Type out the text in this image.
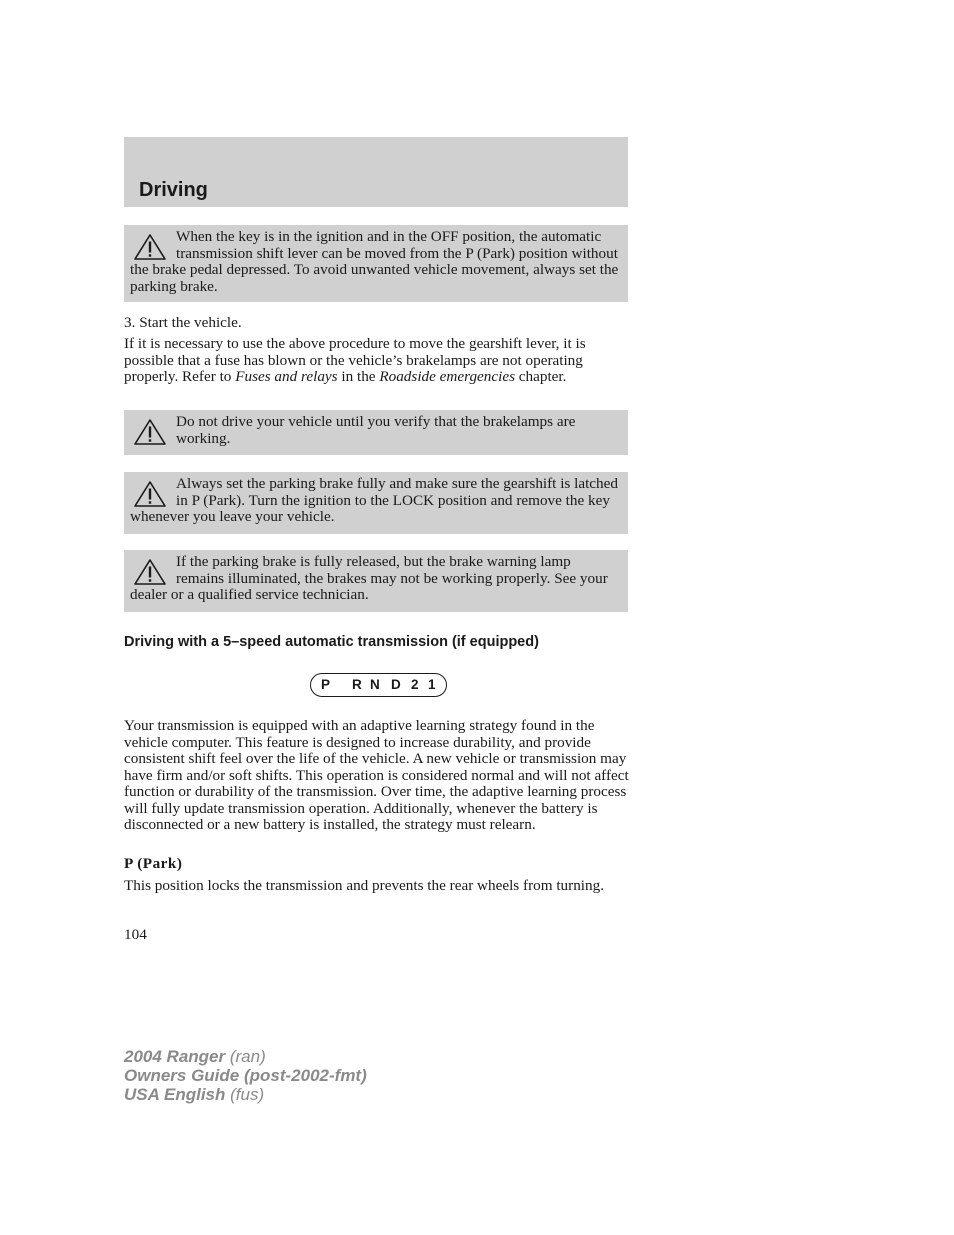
Driving
When the key is in the ignition and in the OFF position, the automatic transmission shift lever can be moved from the P (Park) position without the brake pedal depressed. To avoid unwanted vehicle movement, always set the parking brake.
3. Start the vehicle.
If it is necessary to use the above procedure to move the gearshift lever, it is possible that a fuse has blown or the vehicle’s brakelamps are not operating properly. Refer to Fuses and relays in the Roadside emergencies chapter.
Do not drive your vehicle until you verify that the brakelamps are working.
Always set the parking brake fully and make sure the gearshift is latched in P (Park). Turn the ignition to the LOCK position and remove the key whenever you leave your vehicle.
If the parking brake is fully released, but the brake warning lamp remains illuminated, the brakes may not be working properly. See your dealer or a qualified service technician.
Driving with a 5–speed automatic transmission (if equipped)
P R N D 2 1
Your transmission is equipped with an adaptive learning strategy found in the vehicle computer. This feature is designed to increase durability, and provide consistent shift feel over the life of the vehicle. A new vehicle or transmission may have firm and/or soft shifts. This operation is considered normal and will not affect function or durability of the transmission. Over time, the adaptive learning process will fully update transmission operation. Additionally, whenever the battery is disconnected or a new battery is installed, the strategy must relearn.
P (Park)
This position locks the transmission and prevents the rear wheels from turning.
104
2004 Ranger (ran)
Owners Guide (post-2002-fmt)
USA English (fus)
